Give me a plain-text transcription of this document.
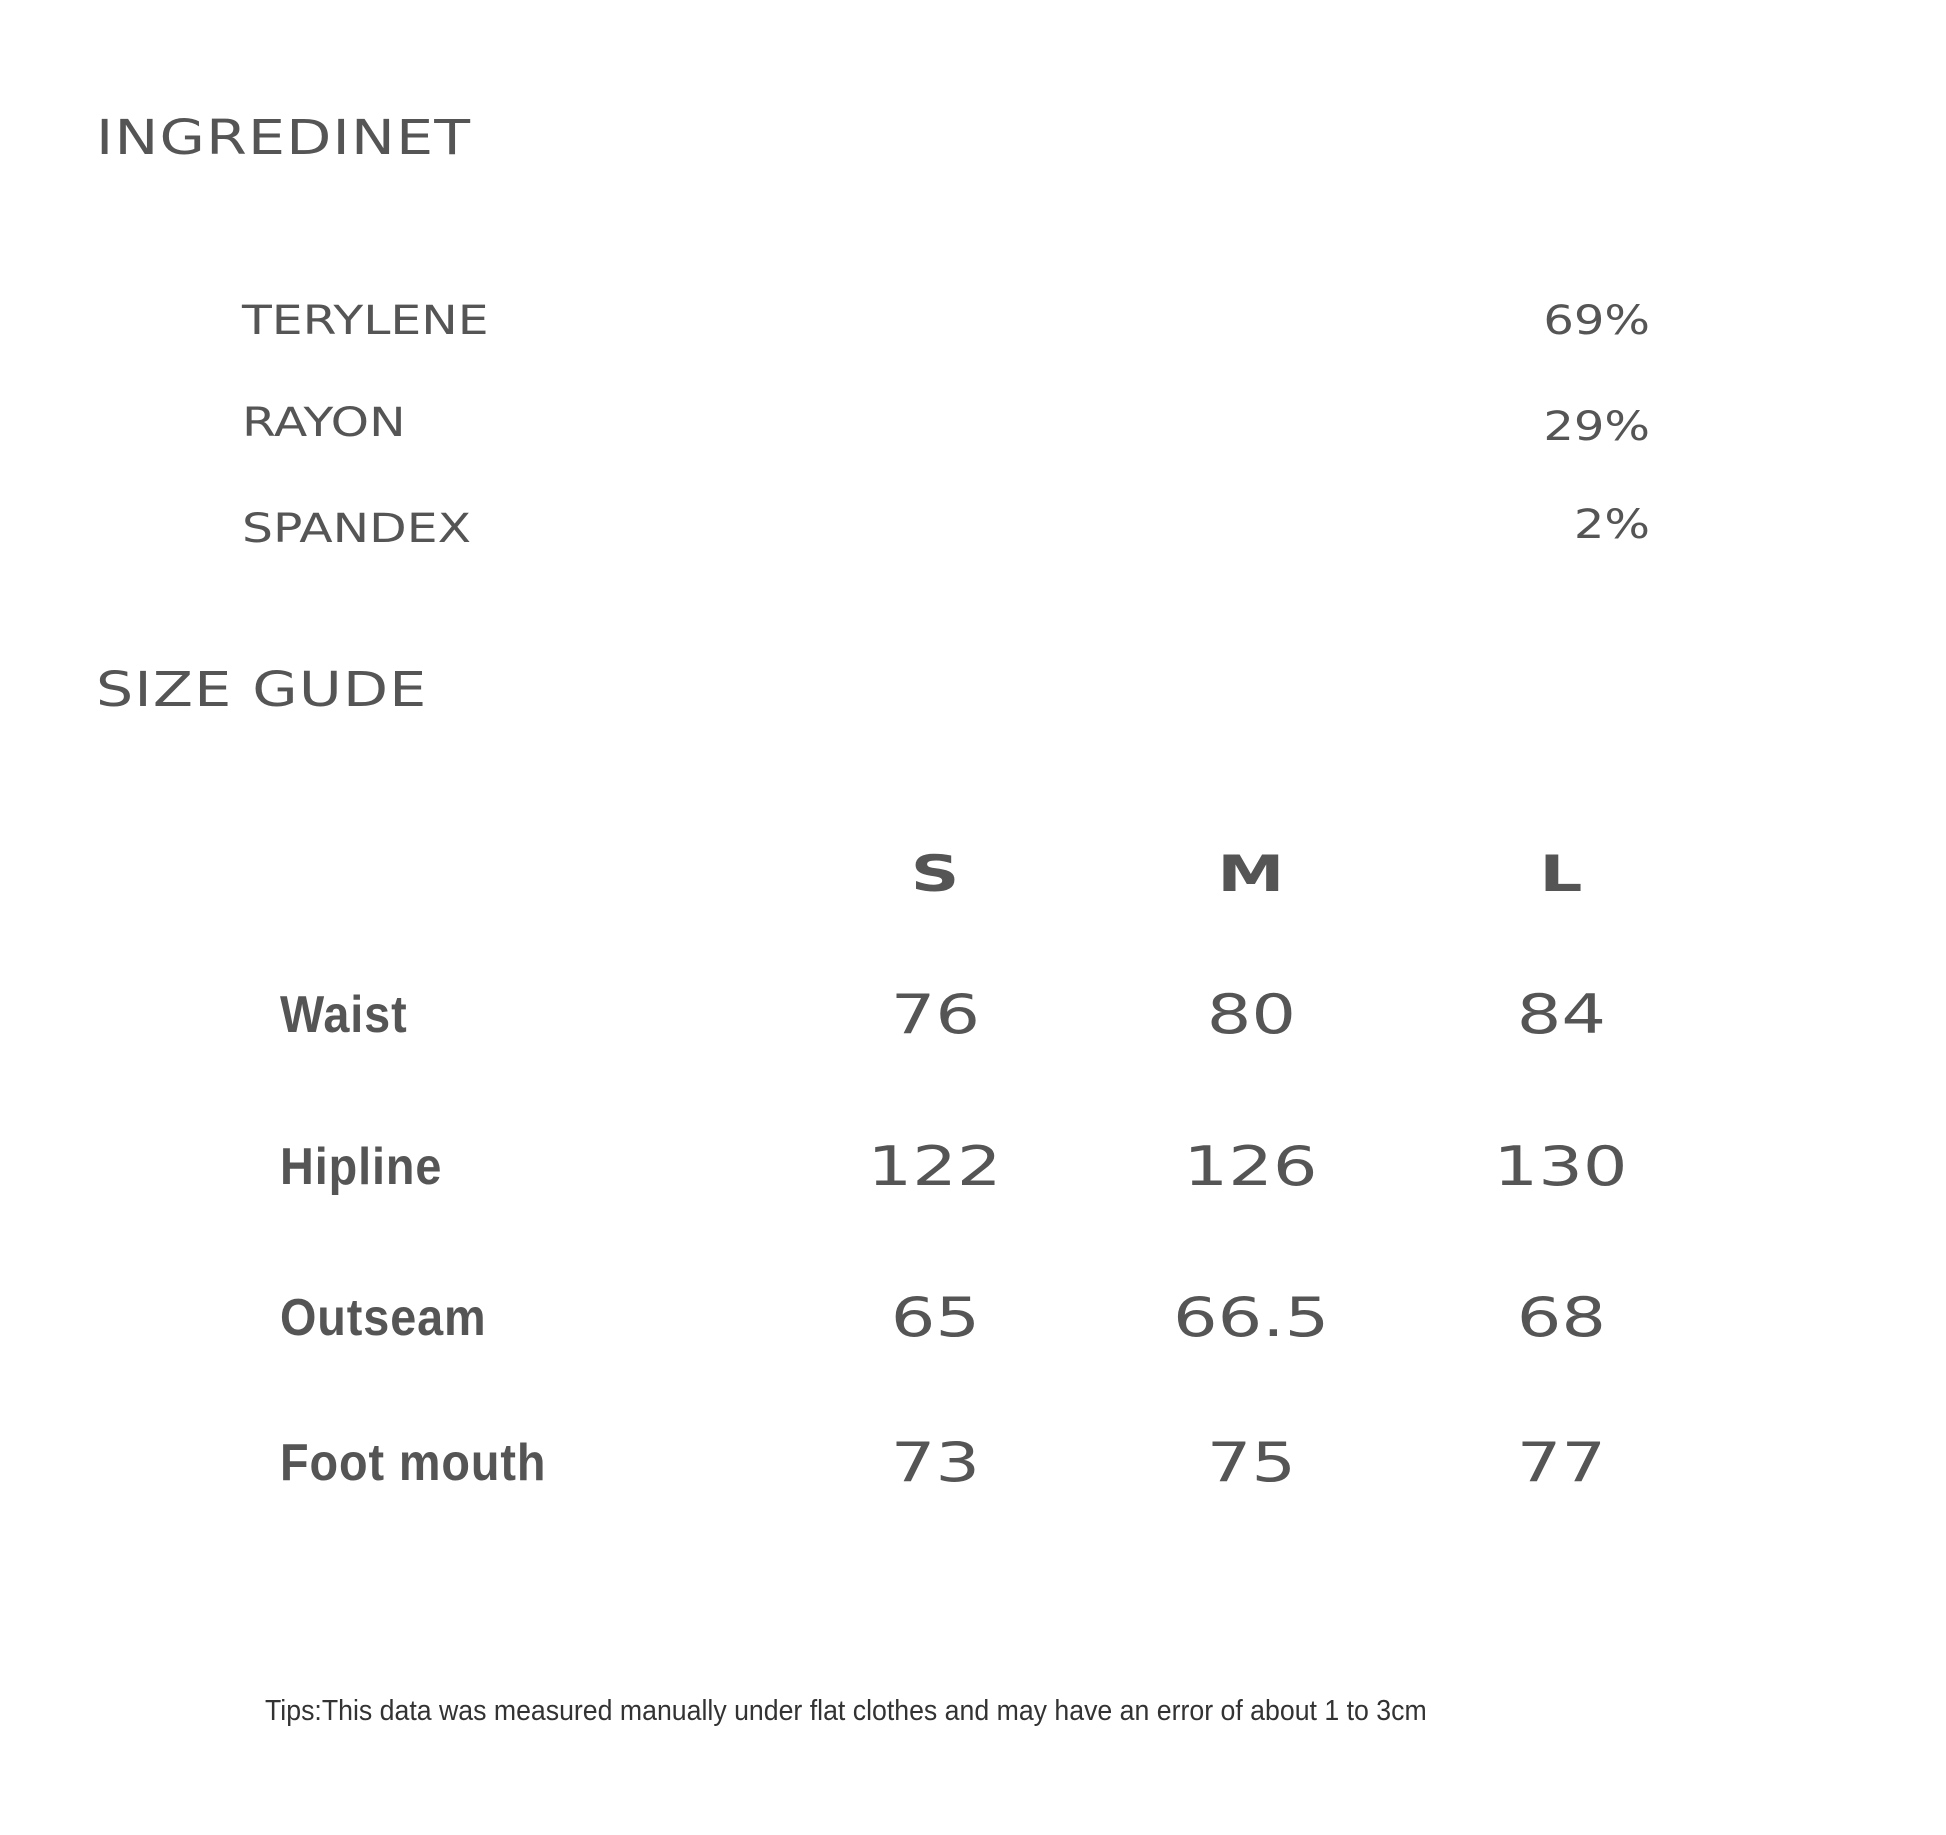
INGREDINET
TERYLENE	69%
RAYON	29%
SPANDEX	2%
SIZE GUDE
S	M	L
Waist	76	80	84
Hipline	122	126	130
Outseam	65	66.5	68
Foot mouth	73	75	77
Tips:This data was measured manually under flat clothes and may have an error of about 1 to 3cm
